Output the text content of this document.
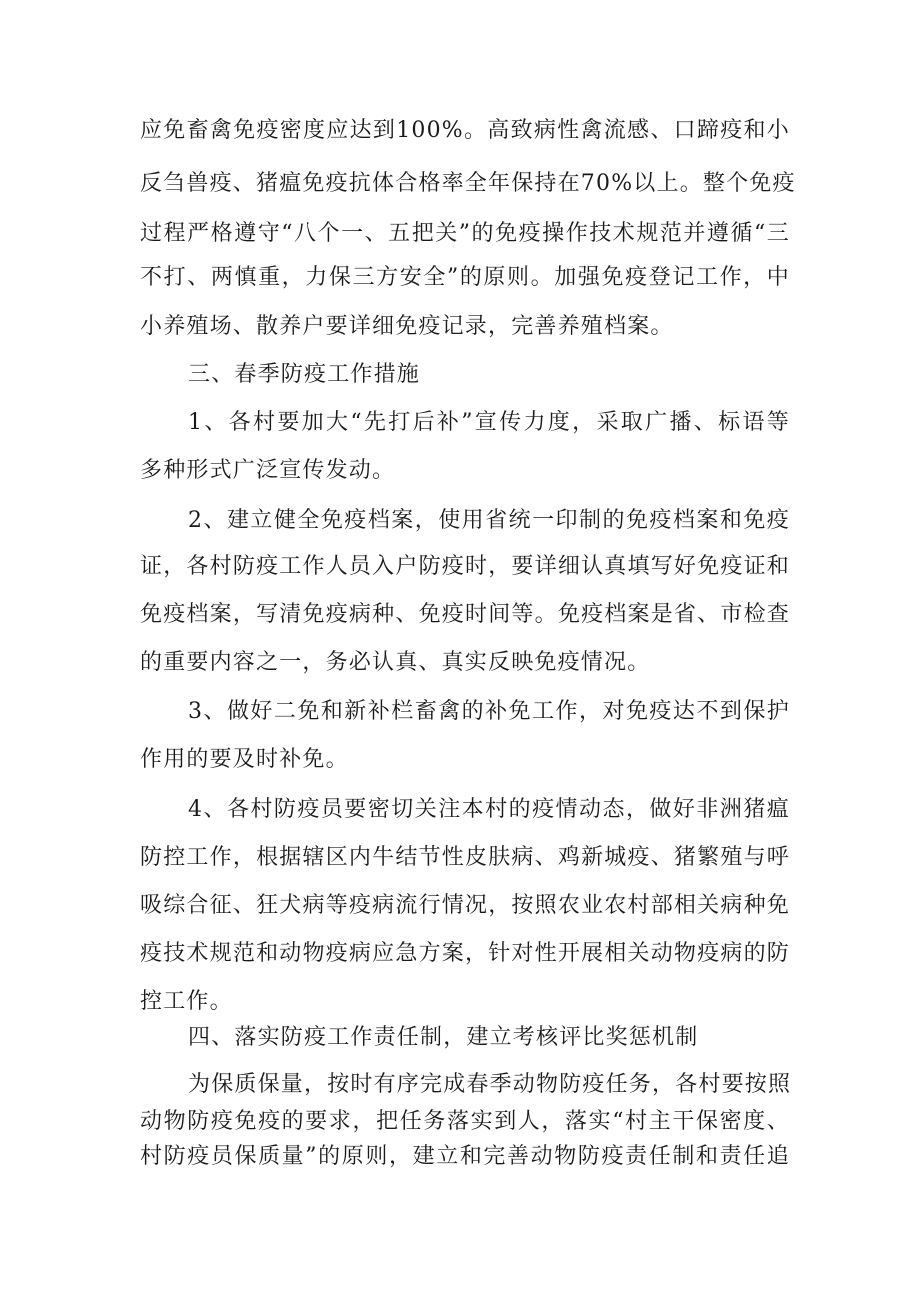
应免畜禽免疫密度应达到100%。高致病性禽流感、口蹄疫和小
反刍兽疫、猪瘟免疫抗体合格率全年保持在70%以上。整个免疫
过程严格遵守“八个一、五把关”的免疫操作技术规范并遵循“三
不打、两慎重，力保三方安全”的原则。加强免疫登记工作，中
小养殖场、散养户要详细免疫记录，完善养殖档案。
三、春季防疫工作措施
1、各村要加大“先打后补”宣传力度，采取广播、标语等
多种形式广泛宣传发动。
2、建立健全免疫档案，使用省统一印制的免疫档案和免疫
证，各村防疫工作人员入户防疫时，要详细认真填写好免疫证和
免疫档案，写清免疫病种、免疫时间等。免疫档案是省、市检查
的重要内容之一，务必认真、真实反映免疫情况。
3、做好二免和新补栏畜禽的补免工作，对免疫达不到保护
作用的要及时补免。
4、各村防疫员要密切关注本村的疫情动态，做好非洲猪瘟
防控工作，根据辖区内牛结节性皮肤病、鸡新城疫、猪繁殖与呼
吸综合征、狂犬病等疫病流行情况，按照农业农村部相关病种免
疫技术规范和动物疫病应急方案，针对性开展相关动物疫病的防
控工作。
四、落实防疫工作责任制，建立考核评比奖惩机制
为保质保量，按时有序完成春季动物防疫任务，各村要按照
动物防疫免疫的要求，把任务落实到人，落实“村主干保密度、
村防疫员保质量”的原则，建立和完善动物防疫责任制和责任追
